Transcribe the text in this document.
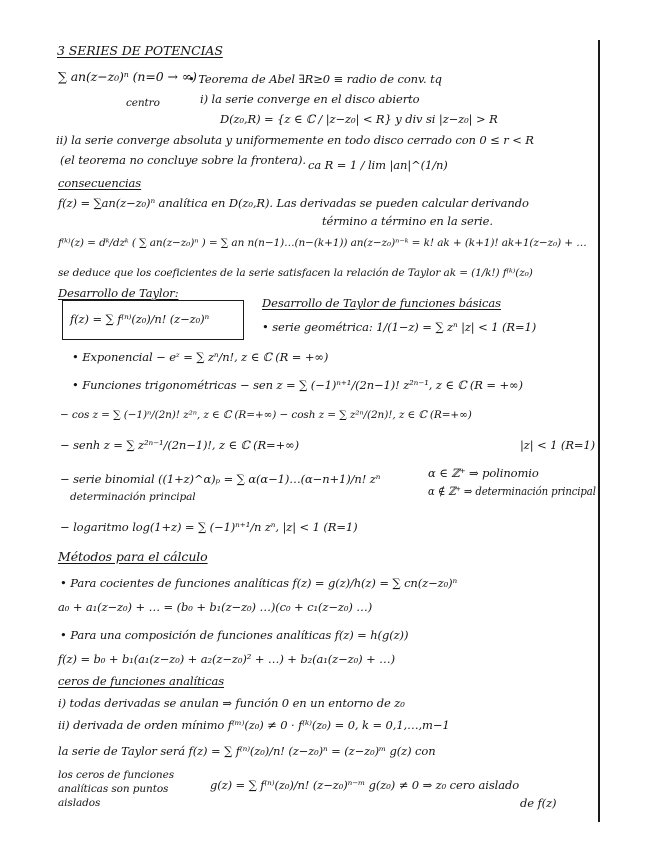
3 SERIES DE POTENCIAS
∑ an(z−z₀)ⁿ (n=0 → ∞)
centro
• Teorema de Abel ∃R≥0 ≡ radio de conv. tq
i) la serie converge en el disco abierto
D(z₀,R) = {z ∈ ℂ / |z−z₀| < R} y div si |z−z₀| > R
ii) la serie converge absoluta y uniformemente en todo disco cerrado con 0 ≤ r < R
(el teorema no concluye sobre la frontera). ca R = 1 / lim |an|^(1/n)
consecuencias
f(z) = ∑an(z−z₀)ⁿ analítica en D(z₀,R). Las derivadas se pueden calcular derivando
término a término en la serie.
f⁽ᵏ⁾(z) = dᵏ/dzᵏ ( ∑ an(z−z₀)ⁿ ) = ∑ an n(n−1)…(n−(k+1)) an(z−z₀)ⁿ⁻ᵏ = k! ak + (k+1)! ak+1(z−z₀) + …
se deduce que los coeficientes de la serie satisfacen la relación de Taylor ak = (1/k!) f⁽ᵏ⁾(z₀)
Desarrollo de Taylor:
Desarrollo de Taylor de funciones básicas
f(z) = ∑ f⁽ⁿ⁾(z₀)/n! (z−z₀)ⁿ
• serie geométrica: 1/(1−z) = ∑ zⁿ |z| < 1 (R=1)
• Exponencial − eᶻ = ∑ zⁿ/n!, z ∈ ℂ (R = +∞)
• Funciones trigonométricas − sen z = ∑ (−1)ⁿ⁺¹/(2n−1)! z²ⁿ⁻¹, z ∈ ℂ (R = +∞)
− cos z = ∑ (−1)ⁿ/(2n)! z²ⁿ, z ∈ ℂ (R=+∞) − cosh z = ∑ z²ⁿ/(2n)!, z ∈ ℂ (R=+∞)
− senh z = ∑ z²ⁿ⁻¹/(2n−1)!, z ∈ ℂ (R=+∞)	|z| < 1 (R=1)
− serie binomial ((1+z)^α)ₚ = ∑ α(α−1)…(α−n+1)/n! zⁿ
determinación principal
α ∈ ℤ⁺ ⇒ polinomio
α ∉ ℤ⁺ ⇒ determinación principal
− logaritmo log(1+z) = ∑ (−1)ⁿ⁺¹/n zⁿ, |z| < 1 (R=1)
Métodos para el cálculo
• Para cocientes de funciones analíticas f(z) = g(z)/h(z) = ∑ cn(z−z₀)ⁿ
a₀ + a₁(z−z₀) + … = (b₀ + b₁(z−z₀) …)(c₀ + c₁(z−z₀) …)
• Para una composición de funciones analíticas f(z) = h(g(z))
f(z) = b₀ + b₁(a₁(z−z₀) + a₂(z−z₀)² + …) + b₂(a₁(z−z₀) + …)
ceros de funciones analíticas
i) todas derivadas se anulan ⇒ función 0 en un entorno de z₀
ii) derivada de orden mínimo f⁽ᵐ⁾(z₀) ≠ 0 · f⁽ᵏ⁾(z₀) = 0, k = 0,1,…,m−1
la serie de Taylor será f(z) = ∑ f⁽ⁿ⁾(z₀)/n! (z−z₀)ⁿ = (z−z₀)ᵐ g(z) con
los ceros de funciones
analíticas son puntos
aislados
g(z) = ∑ f⁽ⁿ⁾(z₀)/n! (z−z₀)ⁿ⁻ᵐ g(z₀) ≠ 0 ⇒ z₀ cero aislado
de f(z)
